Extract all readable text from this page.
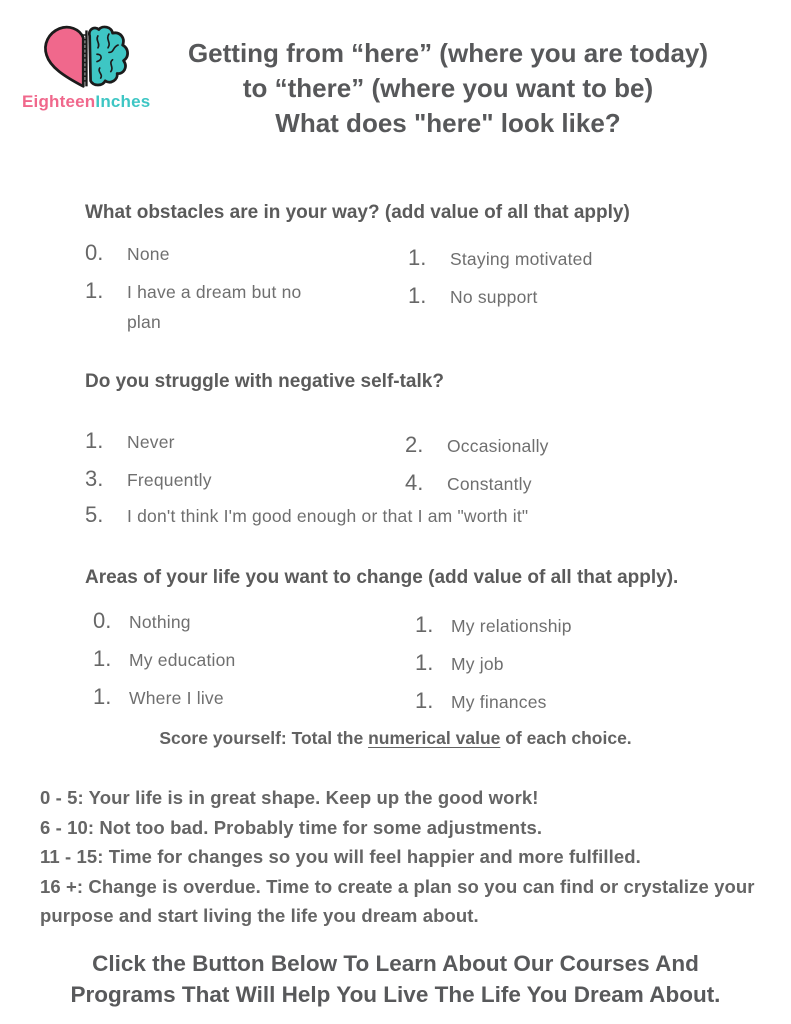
EighteenInches
Getting from “here” (where you are today)
to “there” (where you want to be)
What does "here" look like?
What obstacles are in your way? (add value of all that apply)
0.	None
1.	I have a dream but no plan
1.	Staying motivated
1.	No support
Do you struggle with negative self-talk?
1.	Never
3.	Frequently
2.	Occasionally
4.	Constantly
5.	I don't think I'm good enough or that I am "worth it"
Areas of your life you want to change (add value of all that apply).
0.	Nothing
1.	My education
1.	Where I live
1.	My relationship
1.	My job
1.	My finances
Score yourself: Total the numerical value of each choice.
0 - 5: Your life is in great shape. Keep up the good work!
6 - 10: Not too bad. Probably time for some adjustments.
11 - 15: Time for changes so you will feel happier and more fulfilled.
16 +: Change is overdue. Time to create a plan so you can find or crystalize your purpose and start living the life you dream about.
Click the Button Below To Learn About Our Courses And Programs That Will Help You Live The Life You Dream About.
